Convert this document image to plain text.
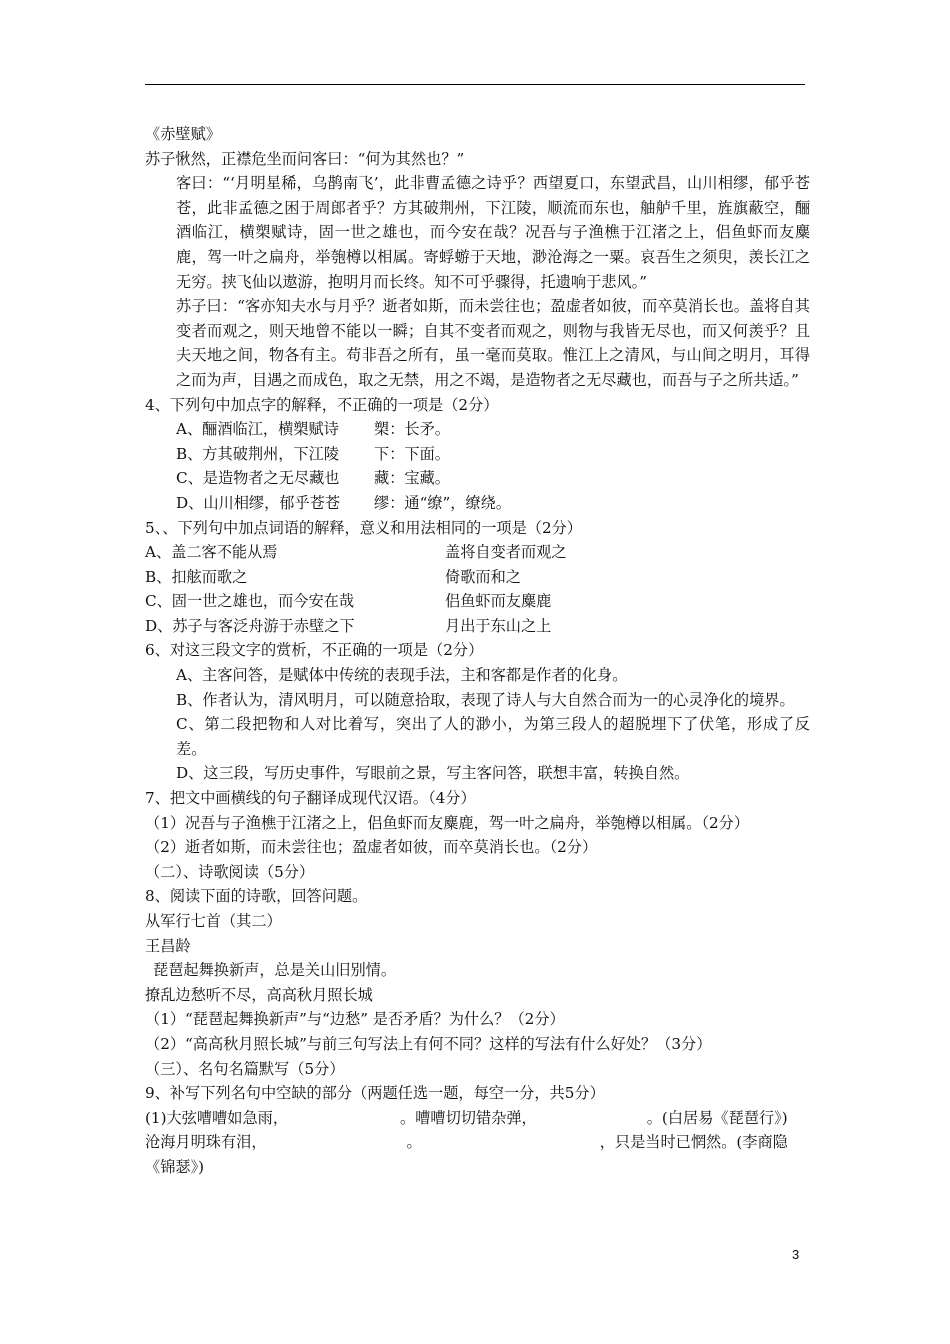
《赤壁赋》
苏子愀然，正襟危坐而问客曰：“何为其然也？”
客曰：“‘月明星稀，乌鹊南飞’，此非曹孟德之诗乎？西望夏口，东望武昌，山川相缪，郁乎苍苍，此非孟德之困于周郎者乎？方其破荆州，下江陵，顺流而东也，舳舻千里，旌旗蔽空，酾酒临江，横槊赋诗，固一世之雄也，而今安在哉？况吾与子渔樵于江渚之上，侣鱼虾而友麋鹿，驾一叶之扁舟，举匏樽以相属。寄蜉蝣于天地，渺沧海之一粟。哀吾生之须臾，羡长江之无穷。挟飞仙以遨游，抱明月而长终。知不可乎骤得，托遗响于悲风。”
苏子曰：“客亦知夫水与月乎？逝者如斯，而未尝往也；盈虚者如彼，而卒莫消长也。盖将自其变者而观之，则天地曾不能以一瞬；自其不变者而观之，则物与我皆无尽也，而又何羡乎？且夫天地之间，物各有主。苟非吾之所有，虽一毫而莫取。惟江上之清风，与山间之明月，耳得之而为声，目遇之而成色，取之无禁，用之不竭，是造物者之无尽藏也，而吾与子之所共适。”
4、下列句中加点字的解释，不正确的一项是（2分）
A、酾酒临江，横槊赋诗	槊：长矛。
B、方其破荆州，下江陵	下：下面。
C、是造物者之无尽藏也	藏：宝藏。
D、山川相缪，郁乎苍苍	缪：通“缭”，缭绕。
5、、下列句中加点词语的解释，意义和用法相同的一项是（2分）
A、盖二客不能从焉	盖将自变者而观之
B、扣舷而歌之	倚歌而和之
C、固一世之雄也，而今安在哉	侣鱼虾而友麋鹿
D、苏子与客泛舟游于赤壁之下	月出于东山之上
6、对这三段文字的赏析，不正确的一项是（2分）
A、主客问答，是赋体中传统的表现手法，主和客都是作者的化身。
B、作者认为，清风明月，可以随意拾取，表现了诗人与大自然合而为一的心灵净化的境界。
C、第二段把物和人对比着写，突出了人的渺小，为第三段人的超脱埋下了伏笔，形成了反差。
D、这三段，写历史事件，写眼前之景，写主客问答，联想丰富，转换自然。
7、把文中画横线的句子翻译成现代汉语。（4分）
（1）况吾与子渔樵于江渚之上，侣鱼虾而友麋鹿，驾一叶之扁舟，举匏樽以相属。（2分）
（2）逝者如斯，而未尝往也；盈虚者如彼，而卒莫消长也。（2分）
（二）、诗歌阅读（5分）
8、阅读下面的诗歌，回答问题。
从军行七首（其二）
王昌龄
琵琶起舞换新声，总是关山旧别情。
撩乱边愁听不尽，高高秋月照长城
（1）“琵琶起舞换新声”与“边愁” 是否矛盾？为什么？（2分）
（2）“高高秋月照长城”与前三句写法上有何不同？这样的写法有什么好处？（3分）
（三）、名句名篇默写（5分）
9、补写下列名句中空缺的部分（两题任选一题，每空一分，共5分）
(1)大弦嘈嘈如急雨，	。嘈嘈切切错杂弹，	。(白居易《琵琶行》)
沧海月明珠有泪，	。	，只是当时已惘然。(李商隐
《锦瑟》)
3
